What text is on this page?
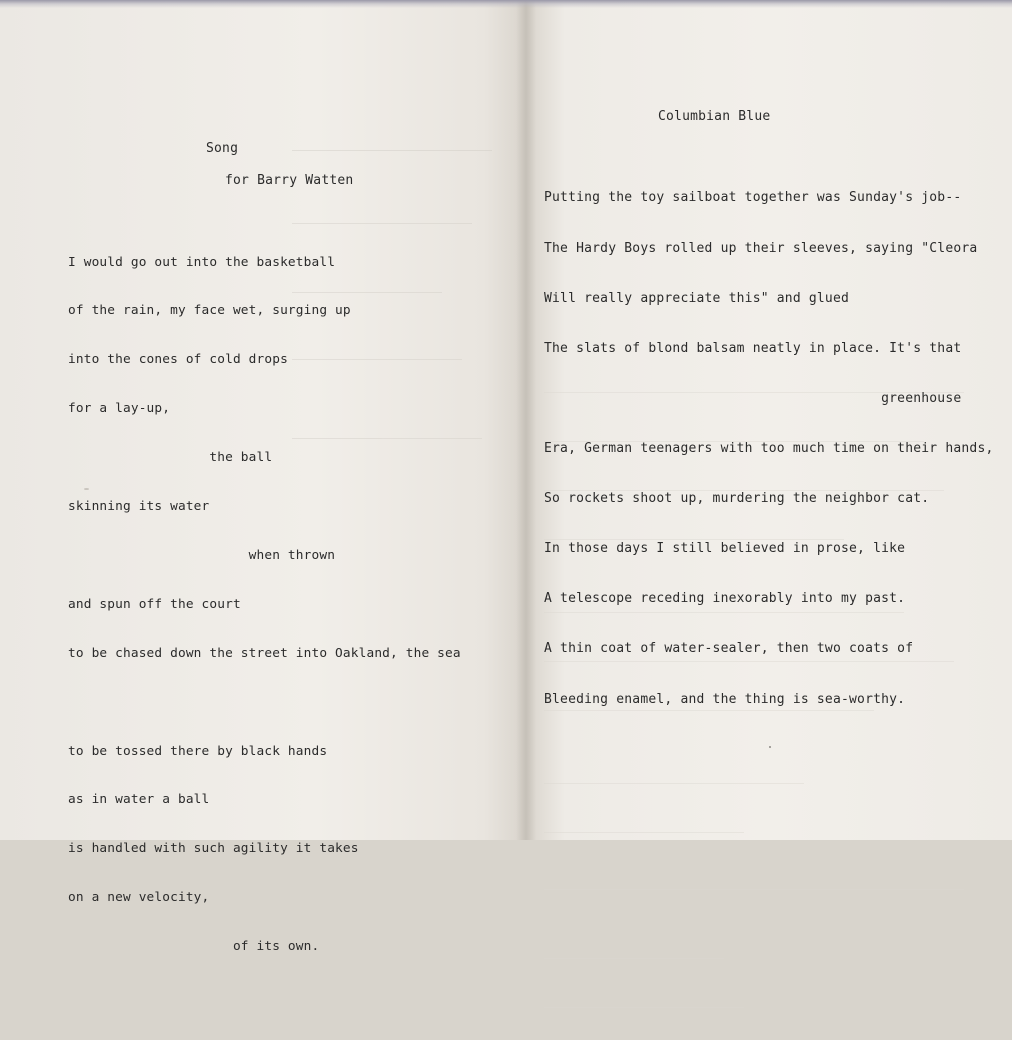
Song
for Barry Watten

I would go out into the basketball

of the rain, my face wet, surging up

into the cones of cold drops

for a lay-up,

the ball

skinning its water

when thrown

and spun off the court

to be chased down the street into Oakland, the sea

to be tossed there by black hands

as in water a ball

is handled with such agility it takes

on a new velocity,

of its own.

Columbian Blue

Putting the toy sailboat together was Sunday's job--

The Hardy Boys rolled up their sleeves, saying "Cleora

Will really appreciate this" and glued

The slats of blond balsam neatly in place. It's that

greenhouse

Era, German teenagers with too much time on their hands,

So rockets shoot up, murdering the neighbor cat.

In those days I still believed in prose, like

A telescope receding inexorably into my past.

A thin coat of water-sealer, then two coats of

Bleeding enamel, and the thing is sea-worthy.
